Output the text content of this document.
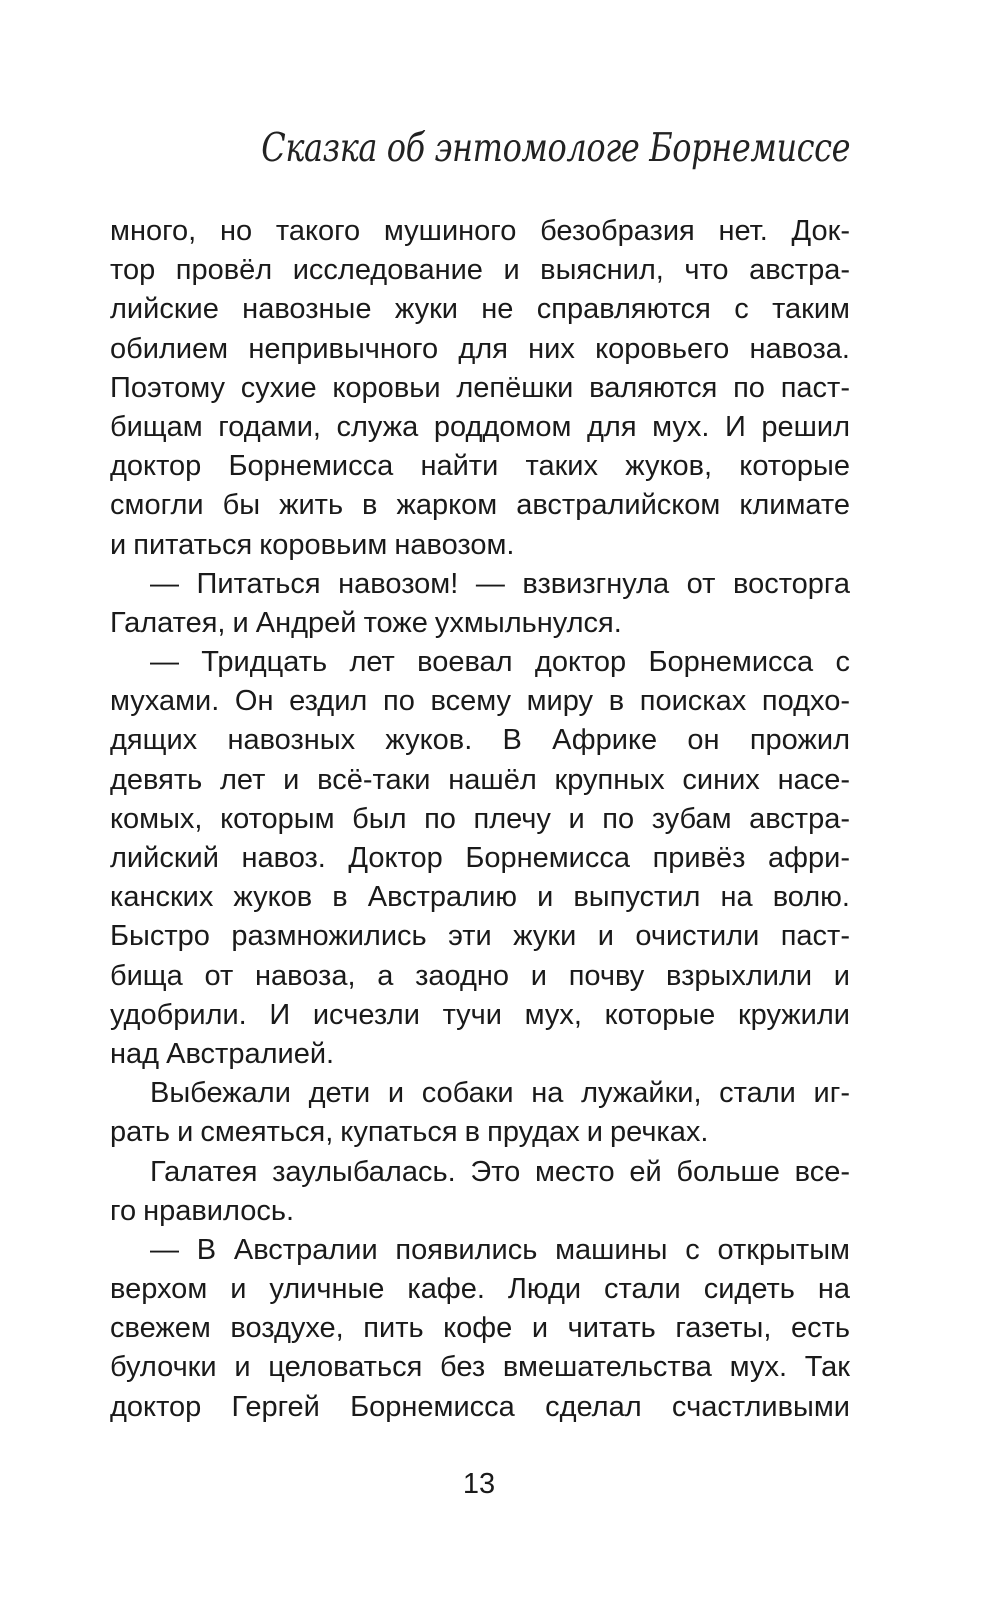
Сказка об энтомологе Борнемиссе
много, но такого мушиного безобразия нет. Док-
тор провёл исследование и выяснил, что австра-
лийские навозные жуки не справляются с таким
обилием непривычного для них коровьего навоза.
Поэтому сухие коровьи лепёшки валяются по паст-
бищам годами, служа роддомом для мух. И решил
доктор Борнемисса найти таких жуков, которые
смогли бы жить в жарком австралийском климате
и питаться коровьим навозом.
— Питаться навозом! — взвизгнула от восторга
Галатея, и Андрей тоже ухмыльнулся.
— Тридцать лет воевал доктор Борнемисса с
мухами. Он ездил по всему миру в поисках подхо-
дящих навозных жуков. В Африке он прожил
девять лет и всё-таки нашёл крупных синих насе-
комых, которым был по плечу и по зубам австра-
лийский навоз. Доктор Борнемисса привёз афри-
канских жуков в Австралию и выпустил на волю.
Быстро размножились эти жуки и очистили паст-
бища от навоза, а заодно и почву взрыхлили и
удобрили. И исчезли тучи мух, которые кружили
над Австралией.
Выбежали дети и собаки на лужайки, стали иг-
рать и смеяться, купаться в прудах и речках.
Галатея заулыбалась. Это место ей больше все-
го нравилось.
— В Австралии появились машины с открытым
верхом и уличные кафе. Люди стали сидеть на
свежем воздухе, пить кофе и читать газеты, есть
булочки и целоваться без вмешательства мух. Так
доктор Гергей Борнемисса сделал счастливыми
13
